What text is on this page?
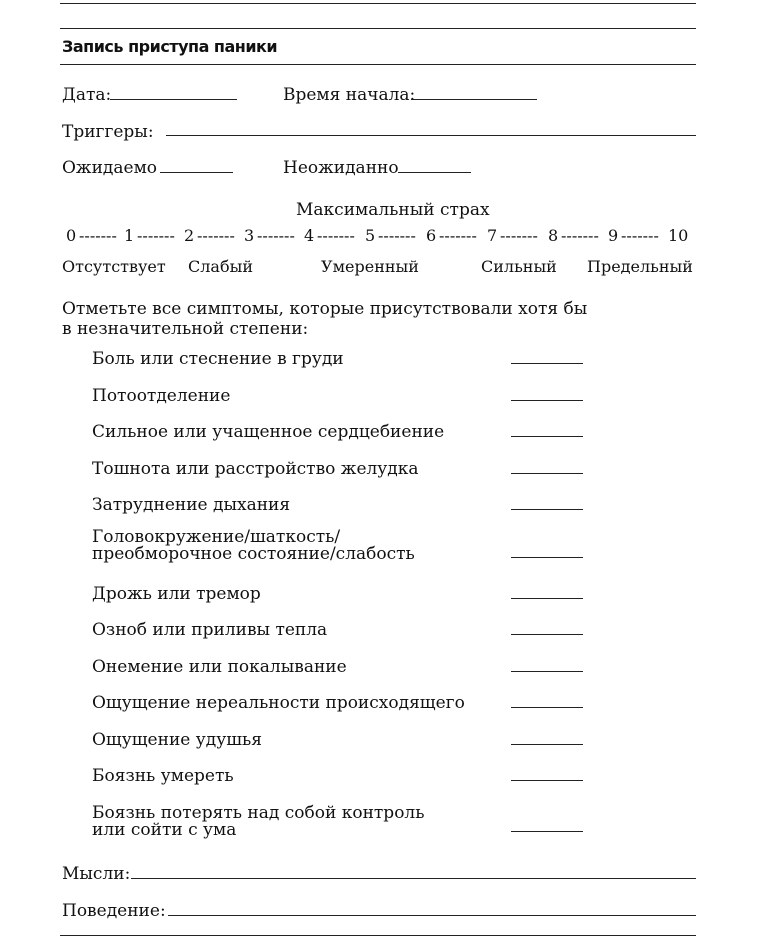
Запись приступа паники
Дата:	Время начала:
Триггеры:
Ожидаемо	Неожиданно
Максимальный страх
0 ------- 1 ------- 2 ------- 3 ------- 4 ------- 5 ------- 6 ------- 7 ------- 8 ------- 9 ------- 10
Отсутствует Слабый	Умеренный	Сильный Предельный
Отметьте все симптомы, которые присутствовали хотя бы
в незначительной степени:
Боль или стеснение в груди
Потоотделение
Сильное или учащенное сердцебиение
Тошнота или расстройство желудка
Затруднение дыхания
Головокружение/шаткость/
преобморочное состояние/слабость
Дрожь или тремор
Озноб или приливы тепла
Онемение или покалывание
Ощущение нереальности происходящего
Ощущение удушья
Боязнь умереть
Боязнь потерять над собой контроль
или сойти с ума
Мысли:
Поведение:
